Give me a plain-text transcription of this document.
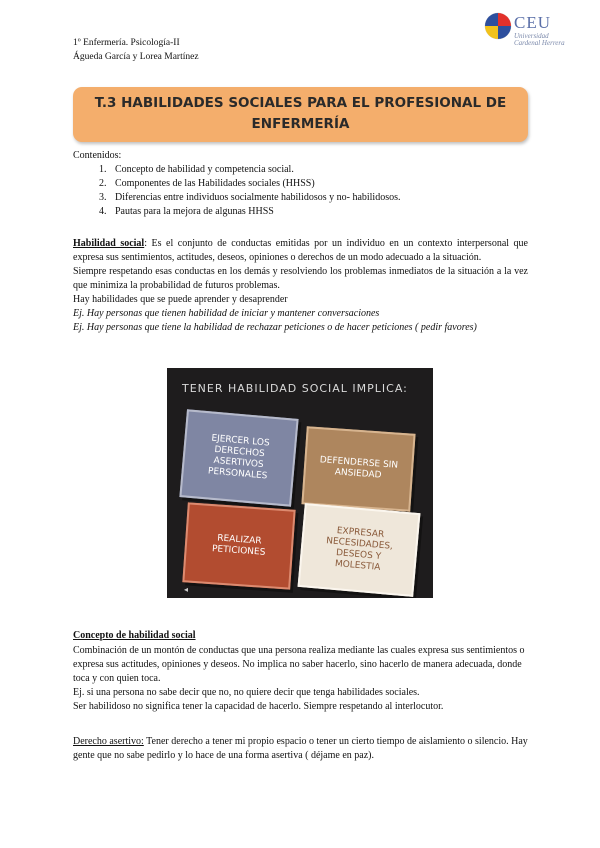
1º Enfermería. Psicología-II
Águeda García y Lorea Martínez
CEU
Universidad
Cardenal Herrera
T.3 HABILIDADES SOCIALES PARA EL PROFESIONAL DE
ENFERMERÍA
Contenidos:
1. Concepto de habilidad y competencia social.
2. Componentes de las Habilidades sociales (HHSS)
3. Diferencias entre individuos socialmente habilidosos y no- habilidosos.
4. Pautas para la mejora de algunas HHSS

Habilidad social: Es el conjunto de conductas emitidas por un individuo en un contexto interpersonal que expresa sus sentimientos, actitudes, deseos, opiniones o derechos de un modo adecuado a la situación.

Siempre respetando esas conductas en los demás y resolviendo los problemas inmediatos de la situación a la vez que minimiza la probabilidad de futuros problemas.

Hay habilidades que se puede aprender y desaprender

Ej. Hay personas que tienen habilidad de iniciar y mantener conversaciones

Ej. Hay personas que tiene la habilidad de rechazar peticiones o de hacer peticiones ( pedir favores)

TENER HABILIDAD SOCIAL IMPLICA:
EJERCER LOS
DERECHOS
ASERTIVOS
PERSONALES
DEFENDERSE SIN
ANSIEDAD
REALIZAR
PETICIONES
EXPRESAR
NECESIDADES,
DESEOS Y
MOLESTIA
◂
Concepto de habilidad social

Combinación de un montón de conductas que una persona realiza mediante las cuales expresa sus sentimientos o expresa sus actitudes, opiniones y deseos. No implica no saber hacerlo, sino hacerlo de manera adecuada, donde toca y con quien toca.

Ej. si una persona no sabe decir que no, no quiere decir que tenga habilidades sociales.

Ser habilidoso no significa tener la capacidad de hacerlo. Siempre respetando al interlocutor.

Derecho asertivo: Tener derecho a tener mi propio espacio o tener un cierto tiempo de aislamiento o silencio. Hay gente que no sabe pedirlo y lo hace de una forma asertiva ( déjame en paz).
